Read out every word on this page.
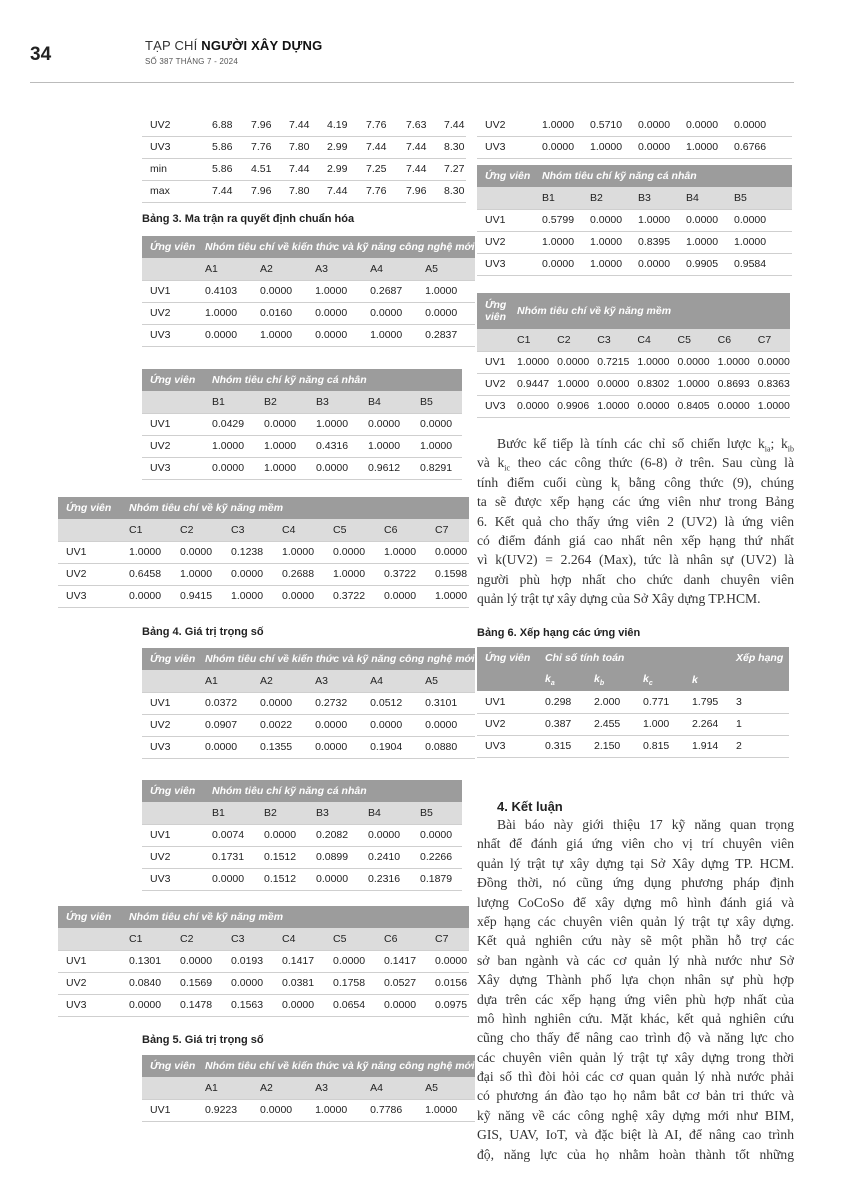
34	TẠP CHÍ NGƯỜI XÂY DỰNG
SỐ 387 THÁNG 7 - 2024
UV2	6.88	7.96	7.44	4.19	7.76	7.63	7.44
UV3	5.86	7.76	7.80	2.99	7.44	7.44	8.30
min	5.86	4.51	7.44	2.99	7.25	7.44	7.27
max	7.44	7.96	7.80	7.44	7.76	7.96	8.30
Bảng 3. Ma trận ra quyết định chuẩn hóa
Ứng viên	Nhóm tiêu chí về kiến thức và kỹ năng công nghệ mới				
	A1	A2	A3	A4	A5
UV1	0.4103	0.0000	1.0000	0.2687	1.0000
UV2	1.0000	0.0160	0.0000	0.0000	0.0000
UV3	0.0000	1.0000	0.0000	1.0000	0.2837
Ứng viên	Nhóm tiêu chí kỹ năng cá nhân				
	B1	B2	B3	B4	B5
UV1	0.0429	0.0000	1.0000	0.0000	0.0000
UV2	1.0000	1.0000	0.4316	1.0000	1.0000
UV3	0.0000	1.0000	0.0000	0.9612	0.8291
Ứng viên	Nhóm tiêu chí về kỹ năng mềm						
	C1	C2	C3	C4	C5	C6	C7
UV1	1.0000	0.0000	0.1238	1.0000	0.0000	1.0000	0.0000
UV2	0.6458	1.0000	0.0000	0.2688	1.0000	0.3722	0.1598
UV3	0.0000	0.9415	1.0000	0.0000	0.3722	0.0000	1.0000
Bảng 4. Giá trị trọng số
Ứng viên	Nhóm tiêu chí về kiến thức và kỹ năng công nghệ mới				
	A1	A2	A3	A4	A5
UV1	0.0372	0.0000	0.2732	0.0512	0.3101
UV2	0.0907	0.0022	0.0000	0.0000	0.0000
UV3	0.0000	0.1355	0.0000	0.1904	0.0880
Ứng viên	Nhóm tiêu chí kỹ năng cá nhân				
	B1	B2	B3	B4	B5
UV1	0.0074	0.0000	0.2082	0.0000	0.0000
UV2	0.1731	0.1512	0.0899	0.2410	0.2266
UV3	0.0000	0.1512	0.0000	0.2316	0.1879
Ứng viên	Nhóm tiêu chí về kỹ năng mềm						
	C1	C2	C3	C4	C5	C6	C7
UV1	0.1301	0.0000	0.0193	0.1417	0.0000	0.1417	0.0000
UV2	0.0840	0.1569	0.0000	0.0381	0.1758	0.0527	0.0156
UV3	0.0000	0.1478	0.1563	0.0000	0.0654	0.0000	0.0975
Bảng 5. Giá trị trọng số
Ứng viên	Nhóm tiêu chí về kiến thức và kỹ năng công nghệ mới				
	A1	A2	A3	A4	A5
UV1	0.9223	0.0000	1.0000	0.7786	1.0000
UV2	1.0000	0.5710	0.0000	0.0000	0.0000
UV3	0.0000	1.0000	0.0000	1.0000	0.6766
Ứng viên	Nhóm tiêu chí kỹ năng cá nhân				
	B1	B2	B3	B4	B5
UV1	0.5799	0.0000	1.0000	0.0000	0.0000
UV2	1.0000	1.0000	0.8395	1.0000	1.0000
UV3	0.0000	1.0000	0.0000	0.9905	0.9584
Ứng
viên	Nhóm tiêu chí về kỹ năng mềm						
	C1	C2	C3	C4	C5	C6	C7
UV1	1.0000	0.0000	0.7215	1.0000	0.0000	1.0000	0.0000
UV2	0.9447	1.0000	0.0000	0.8302	1.0000	0.8693	0.8363
UV3	0.0000	0.9906	1.0000	0.0000	0.8405	0.0000	1.0000
Bước kế tiếp là tính các chỉ số chiến lược $k_{ia}$; $k_{ib}$
và $k_{ic}$ theo các công thức (6-8) ở trên. Sau cùng là
tính điểm cuối cùng $k_i$ bằng công thức (9), chúng
ta sẽ được xếp hạng các ứng viên như trong Bảng
6. Kết quả cho thấy ứng viên 2 (UV2) là ứng viên
có điểm đánh giá cao nhất nên xếp hạng thứ nhất
vì k(UV2) = 2.264 (Max), tức là nhân sự (UV2) là
người phù hợp nhất cho chức danh chuyên viên
quản lý trật tự xây dựng của Sở Xây dựng TP.HCM.
Bảng 6. Xếp hạng các ứng viên
Ứng viên	Chỉ số tính toán				Xếp hạng
	$k_a$	$k_b$	$k_c$	k	
UV1	0.298	2.000	0.771	1.795	3
UV2	0.387	2.455	1.000	2.264	1
UV3	0.315	2.150	0.815	1.914	2
4. Kết luận
Bài báo này giới thiệu 17 kỹ năng quan trọng
nhất để đánh giá ứng viên cho vị trí chuyên viên
quản lý trật tự xây dựng tại Sở Xây dựng TP. HCM.
Đồng thời, nó cũng ứng dụng phương pháp định
lượng CoCoSo để xây dựng mô hình đánh giá và
xếp hạng các chuyên viên quản lý trật tự xây dựng.
Kết quả nghiên cứu này sẽ một phần hỗ trợ các
sở ban ngành và các cơ quản lý nhà nước như Sở
Xây dựng Thành phố lựa chọn nhân sự phù hợp
dựa trên các xếp hạng ứng viên phù hợp nhất của
mô hình nghiên cứu. Mặt khác, kết quả nghiên cứu
cũng cho thấy để nâng cao trình độ và năng lực cho
các chuyên viên quản lý trật tự xây dựng trong thời
đại số thì đòi hỏi các cơ quan quản lý nhà nước phải
có phương án đào tạo họ nắm bắt cơ bản tri thức và
kỹ năng về các công nghệ xây dựng mới như BIM,
GIS, UAV, IoT, và đặc biệt là AI, để nâng cao trình
độ, năng lực của họ nhằm hoàn thành tốt những
